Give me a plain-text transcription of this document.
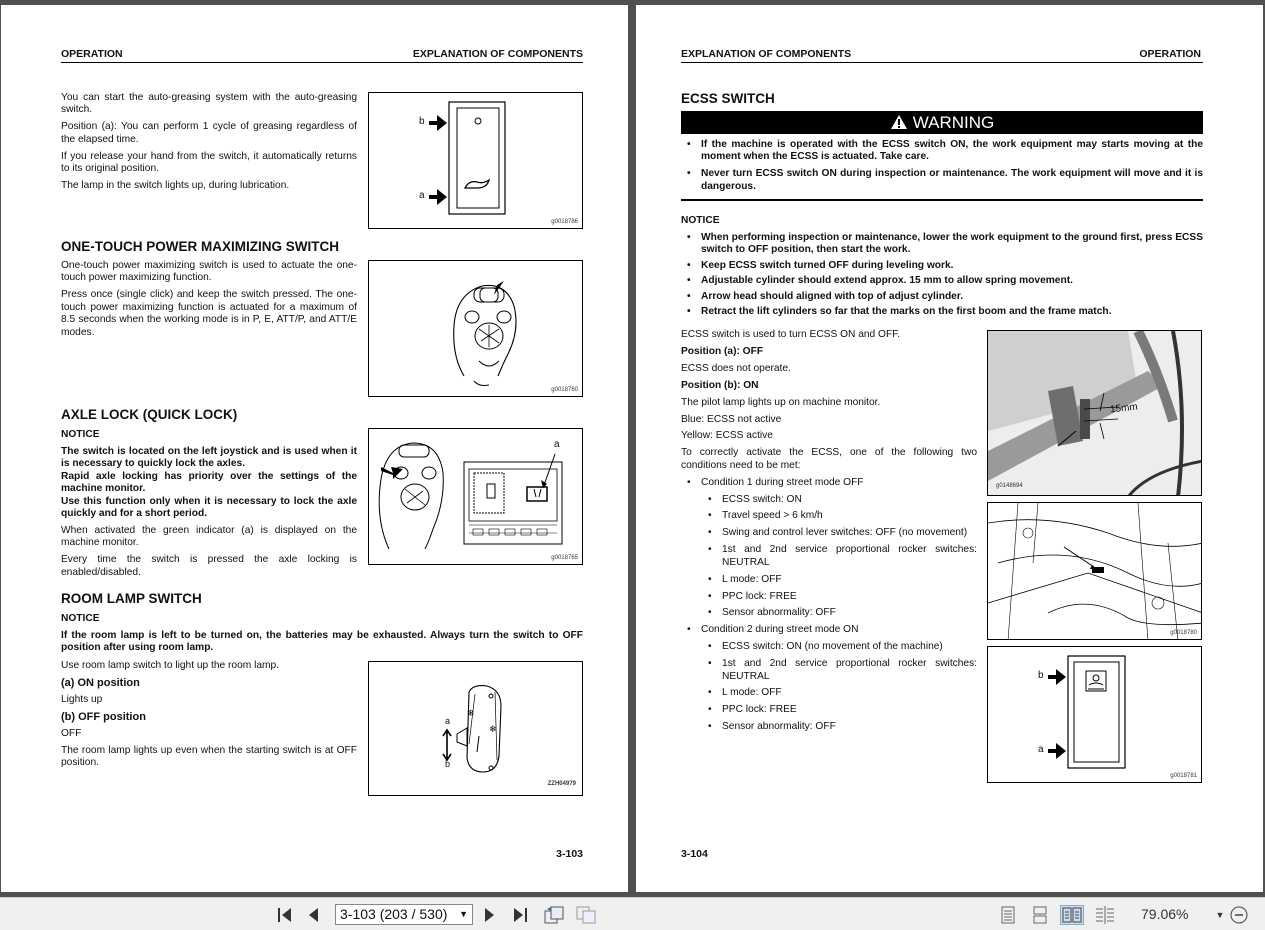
OPERATION	EXPLANATION OF COMPONENTS

You can start the auto-greasing system with the auto-greasing switch.

Position (a): You can perform 1 cycle of greasing regardless of the elapsed time.

If you release your hand from the switch, it automatically returns to its original position.

The lamp in the switch lights up, during lubrication.

b
a
g0018786
ONE-TOUCH POWER MAXIMIZING SWITCH

One-touch power maximizing switch is used to actuate the one-touch power maximizing function.

Press once (single click) and keep the switch pressed. The one-touch power maximizing function is actuated for a maximum of 8.5 seconds when the working mode is in P, E, ATT/P, and ATT/E modes.

g0018760
AXLE LOCK (QUICK LOCK)

NOTICE

The switch is located on the left joystick and is used when it is necessary to quickly lock the axles.
Rapid axle locking has priority over the settings of the machine monitor.

Use this function only when it is necessary to lock the axle quickly and for a short period.

When activated the green indicator (a) is displayed on the machine monitor.

Every time the switch is pressed the axle locking is enabled/disabled.

a
g0018765
ROOM LAMP SWITCH

NOTICE

If the room lamp is left to be turned on, the batteries may be exhausted. Always turn the switch to OFF position after using room lamp.

Use room lamp switch to light up the room lamp.

(a) ON position

Lights up

(b) OFF position

OFF

The room lamp lights up even when the starting switch is at OFF position.

❄
❄
a
b
ZZH04979
3-103
EXPLANATION OF COMPONENTS	OPERATION
ECSS SWITCH
WARNING

• If the machine is operated with the ECSS switch ON, the work equipment may starts moving at the moment when the ECSS is actuated. Take care.

• Never turn ECSS switch ON during inspection or maintenance. The work equipment will move and it is dangerous.

NOTICE

• When performing inspection or maintenance, lower the work equipment to the ground first, press ECSS switch to OFF position, then start the work.

• Keep ECSS switch turned OFF during leveling work.

• Adjustable cylinder should extend approx. 15 mm to allow spring movement.

• Arrow head should aligned with top of adjust cylinder.

• Retract the lift cylinders so far that the marks on the first boom and the frame match.

ECSS switch is used to turn ECSS ON and OFF.

Position (a): OFF

ECSS does not operate.

Position (b): ON

The pilot lamp lights up on machine monitor.

Blue: ECSS not active

Yellow: ECSS active

To correctly activate the ECSS, one of the following two conditions need to be met:

• Condition 1 during street mode OFF

• ECSS switch: ON

• Travel speed > 6 km/h

• Swing and control lever switches: OFF (no movement)

• 1st and 2nd service proportional rocker switches: NEUTRAL

• L mode: OFF

• PPC lock: FREE

• Sensor abnormality: OFF

• Condition 2 during street mode ON

• ECSS switch: ON (no movement of the machine)

• 1st and 2nd service proportional rocker switches: NEUTRAL

• L mode: OFF

• PPC lock: FREE

• Sensor abnormality: OFF

15mm
g0148694
g0018780
b
a
g0018781
3-104
3-103 (203 / 530) ▼	79.06%	▼
